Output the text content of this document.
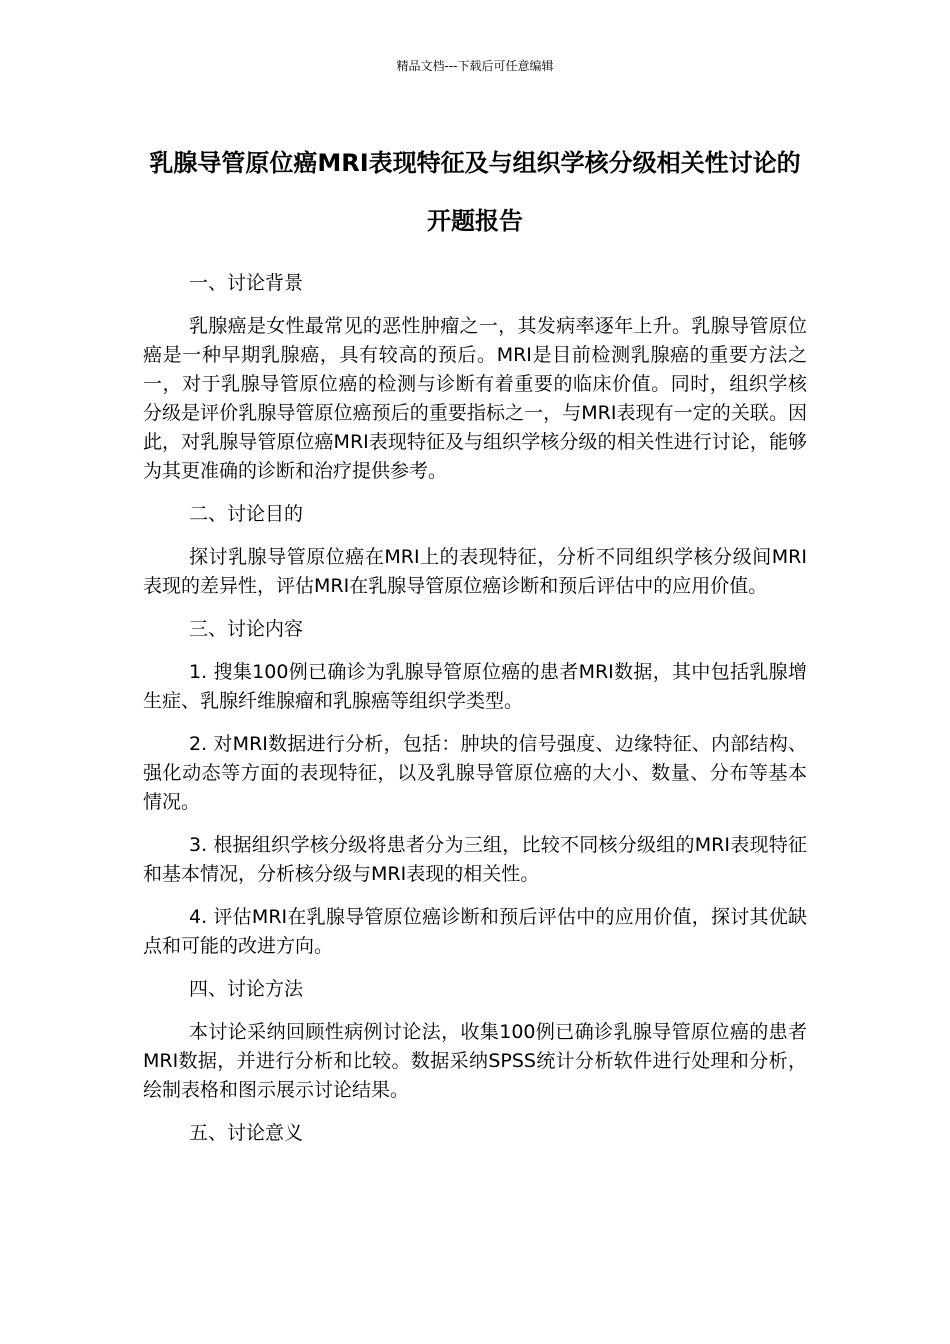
精品文档---下载后可任意编辑
乳腺导管原位癌MRI表现特征及与组织学核分级相关性讨论的开题报告

一、讨论背景

乳腺癌是女性最常见的恶性肿瘤之一，其发病率逐年上升。乳腺导管原位癌是一种早期乳腺癌，具有较高的预后。MRI是目前检测乳腺癌的重要方法之一，对于乳腺导管原位癌的检测与诊断有着重要的临床价值。同时，组织学核分级是评价乳腺导管原位癌预后的重要指标之一，与MRI表现有一定的关联。因此，对乳腺导管原位癌MRI表现特征及与组织学核分级的相关性进行讨论，能够为其更准确的诊断和治疗提供参考。

二、讨论目的

探讨乳腺导管原位癌在MRI上的表现特征，分析不同组织学核分级间MRI表现的差异性，评估MRI在乳腺导管原位癌诊断和预后评估中的应用价值。

三、讨论内容

1. 搜集100例已确诊为乳腺导管原位癌的患者MRI数据，其中包括乳腺增生症、乳腺纤维腺瘤和乳腺癌等组织学类型。

2. 对MRI数据进行分析，包括：肿块的信号强度、边缘特征、内部结构、强化动态等方面的表现特征，以及乳腺导管原位癌的大小、数量、分布等基本情况。

3. 根据组织学核分级将患者分为三组，比较不同核分级组的MRI表现特征和基本情况，分析核分级与MRI表现的相关性。

4. 评估MRI在乳腺导管原位癌诊断和预后评估中的应用价值，探讨其优缺点和可能的改进方向。

四、讨论方法

本讨论采纳回顾性病例讨论法，收集100例已确诊乳腺导管原位癌的患者MRI数据，并进行分析和比较。数据采纳SPSS统计分析软件进行处理和分析，绘制表格和图示展示讨论结果。

五、讨论意义
